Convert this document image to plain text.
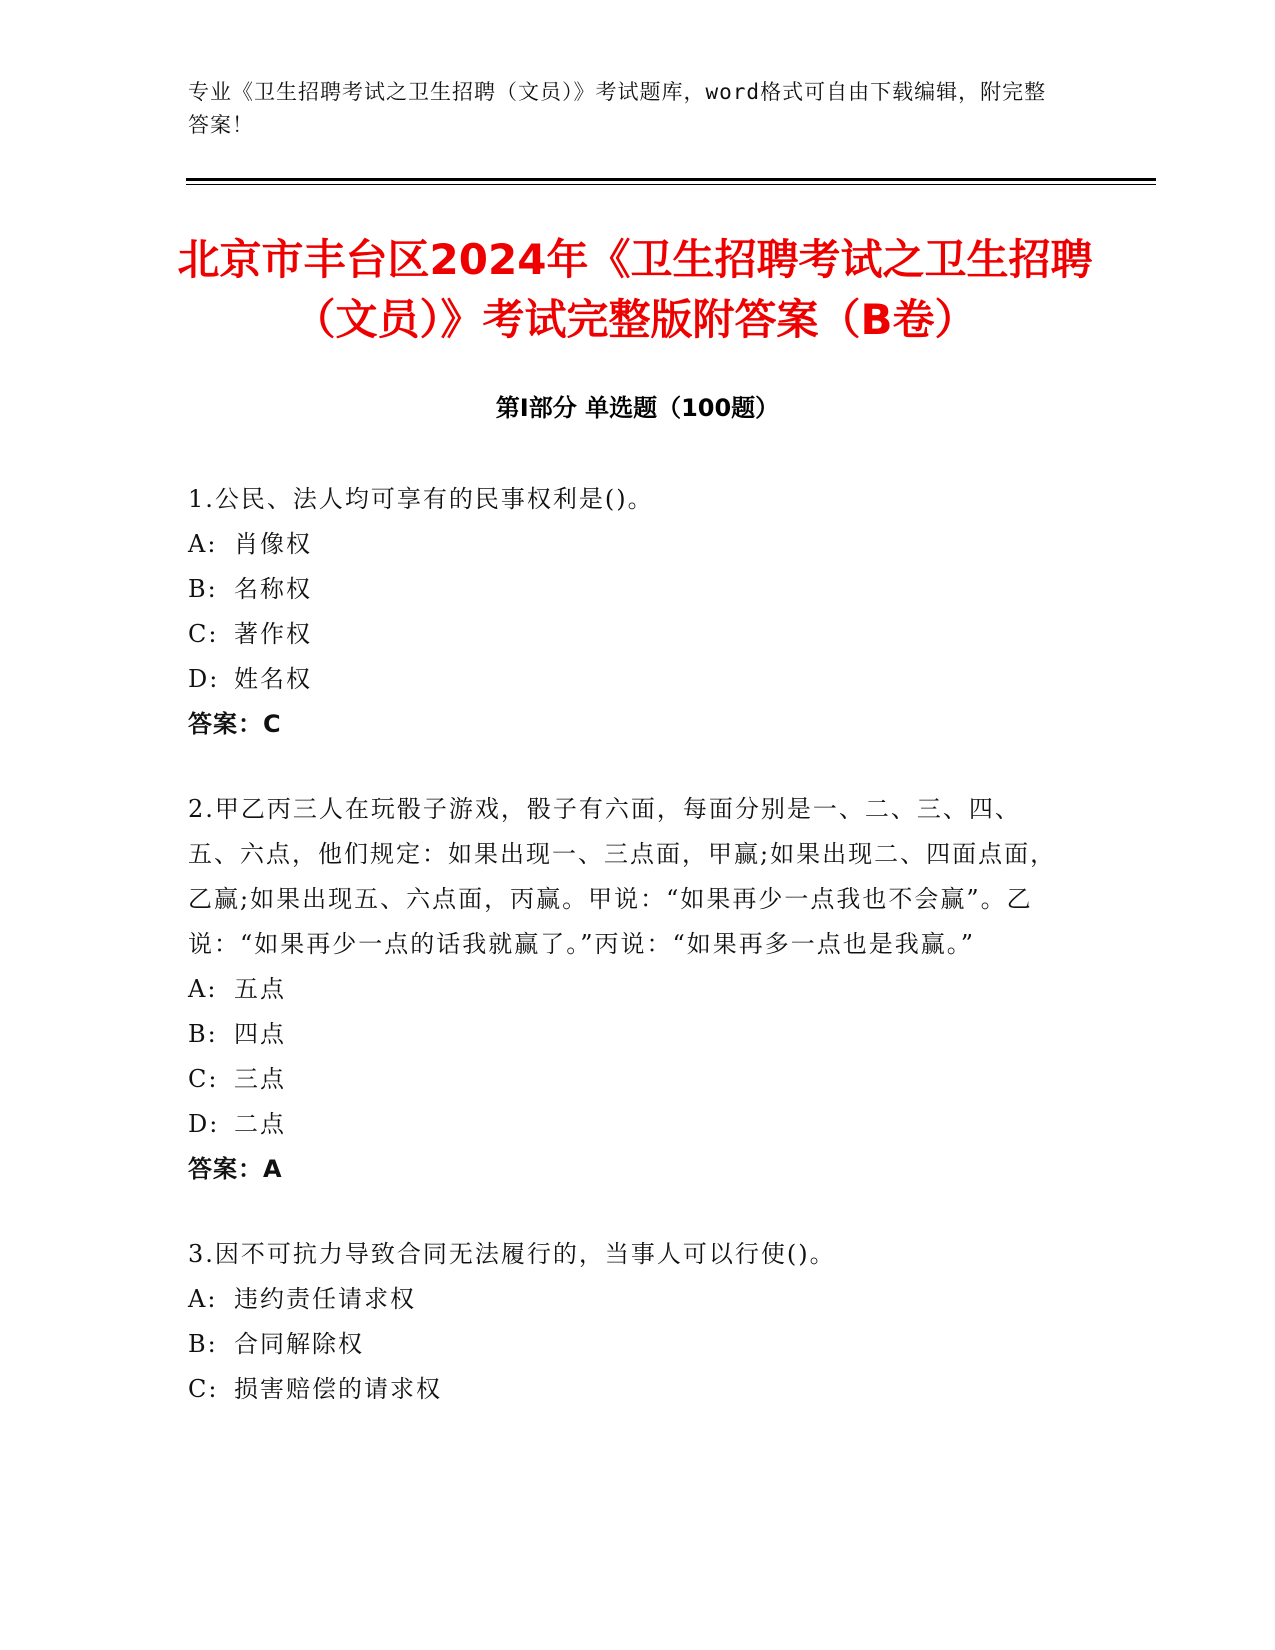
专业《卫生招聘考试之卫生招聘（文员）》考试题库，word格式可自由下载编辑，附完整答案！
北京市丰台区2024年《卫生招聘考试之卫生招聘（文员）》考试完整版附答案（B卷）
第I部分 单选题（100题）
1.公民、法人均可享有的民事权利是()。
A: 肖像权
B: 名称权
C: 著作权
D: 姓名权
答案：C
2.甲乙丙三人在玩骰子游戏，骰子有六面，每面分别是一、二、三、四、五、六点，他们规定：如果出现一、三点面，甲赢;如果出现二、四面点面，乙赢;如果出现五、六点面，丙赢。甲说：“如果再少一点我也不会赢”。乙说：“如果再少一点的话我就赢了。”丙说：“如果再多一点也是我赢。”
A: 五点
B: 四点
C: 三点
D: 二点
答案：A
3.因不可抗力导致合同无法履行的，当事人可以行使()。
A: 违约责任请求权
B: 合同解除权
C: 损害赔偿的请求权
